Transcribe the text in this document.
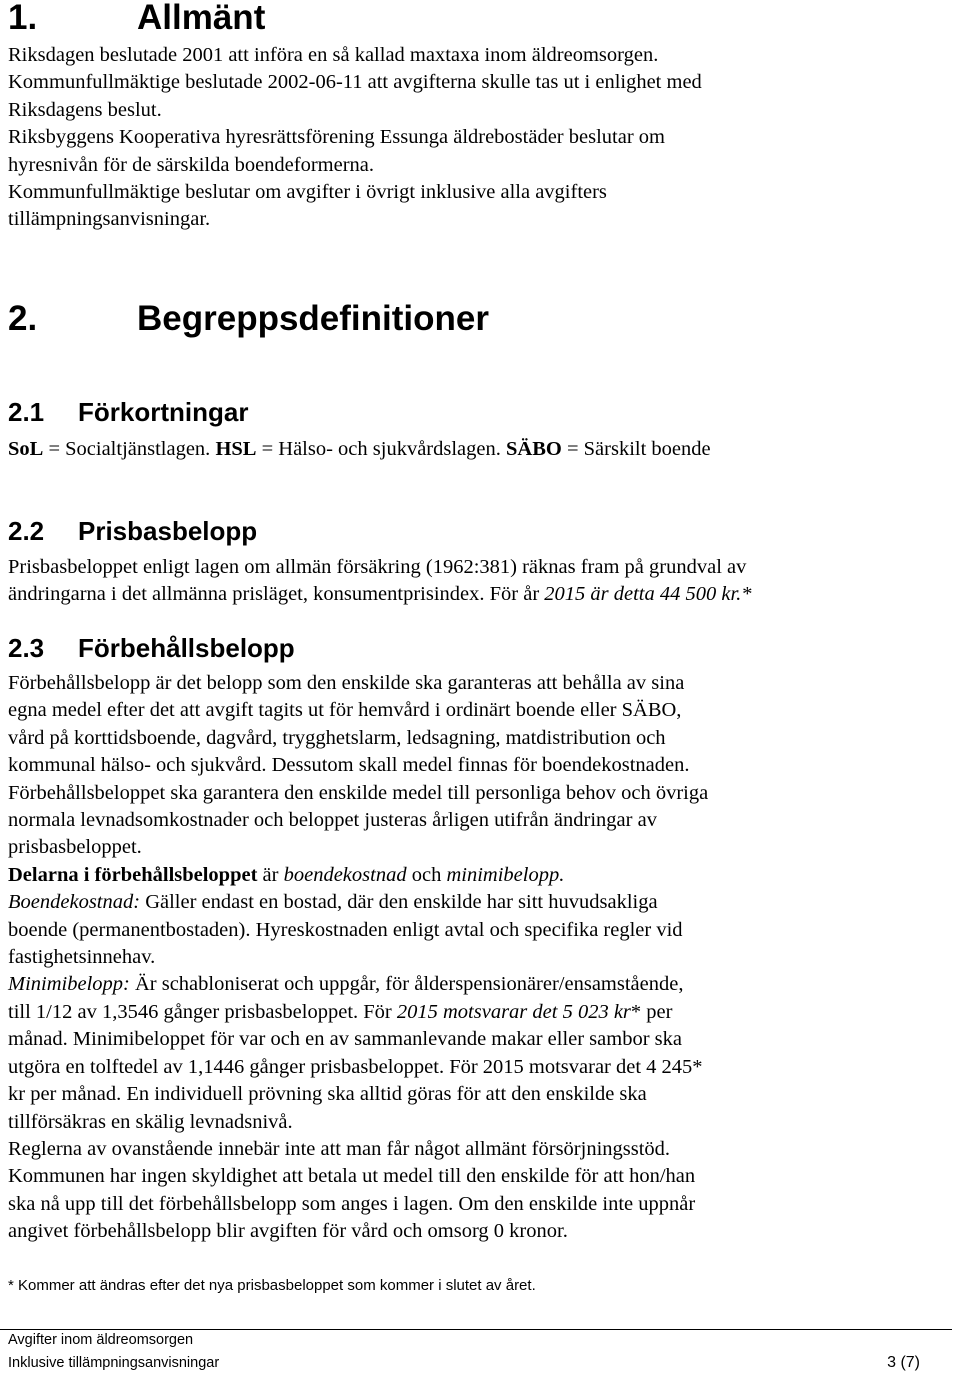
1.	Allmänt

Riksdagen beslutade 2001 att införa en så kallad maxtaxa inom äldreomsorgen.

Kommunfullmäktige beslutade 2002-06-11 att avgifterna skulle tas ut i enlighet med

Riksdagens beslut.

Riksbyggens Kooperativa hyresrättsförening Essunga äldrebostäder beslutar om

hyresnivån för de särskilda boendeformerna.

Kommunfullmäktige beslutar om avgifter i övrigt inklusive alla avgifters

tillämpningsanvisningar.

2.	Begreppsdefinitioner
2.1 Förkortningar

SoL = Socialtjänstlagen. HSL = Hälso- och sjukvårdslagen. SÄBO = Särskilt boende

2.2 Prisbasbelopp

Prisbasbeloppet enligt lagen om allmän försäkring (1962:381) räknas fram på grundval av

ändringarna i det allmänna prisläget, konsumentprisindex. För år 2015 är detta 44 500 kr.*

2.3 Förbehållsbelopp

Förbehållsbelopp är det belopp som den enskilde ska garanteras att behålla av sina

egna medel efter det att avgift tagits ut för hemvård i ordinärt boende eller SÄBO,

vård på korttidsboende, dagvård, trygghetslarm, ledsagning, matdistribution och

kommunal hälso- och sjukvård. Dessutom skall medel finnas för boendekostnaden.

Förbehållsbeloppet ska garantera den enskilde medel till personliga behov och övriga

normala levnadsomkostnader och beloppet justeras årligen utifrån ändringar av

prisbasbeloppet.

Delarna i förbehållsbeloppet är boendekostnad och minimibelopp.

Boendekostnad: Gäller endast en bostad, där den enskilde har sitt huvudsakliga

boende (permanentbostaden). Hyreskostnaden enligt avtal och specifika regler vid

fastighetsinnehav.

Minimibelopp: Är schabloniserat och uppgår, för ålderspensionärer/ensamstående,

till 1/12 av 1,3546 gånger prisbasbeloppet. För 2015 motsvarar det 5 023 kr* per

månad. Minimibeloppet för var och en av sammanlevande makar eller sambor ska

utgöra en tolftedel av 1,1446 gånger prisbasbeloppet. För 2015 motsvarar det 4 245*

kr per månad. En individuell prövning ska alltid göras för att den enskilde ska

tillförsäkras en skälig levnadsnivå.

Reglerna av ovanstående innebär inte att man får något allmänt försörjningsstöd.

Kommunen har ingen skyldighet att betala ut medel till den enskilde för att hon/han

ska nå upp till det förbehållsbelopp som anges i lagen. Om den enskilde inte uppnår

angivet förbehållsbelopp blir avgiften för vård och omsorg 0 kronor.

* Kommer att ändras efter det nya prisbasbeloppet som kommer i slutet av året.
Avgifter inom äldreomsorgen
Inklusive tillämpningsanvisningar	3 (7)
